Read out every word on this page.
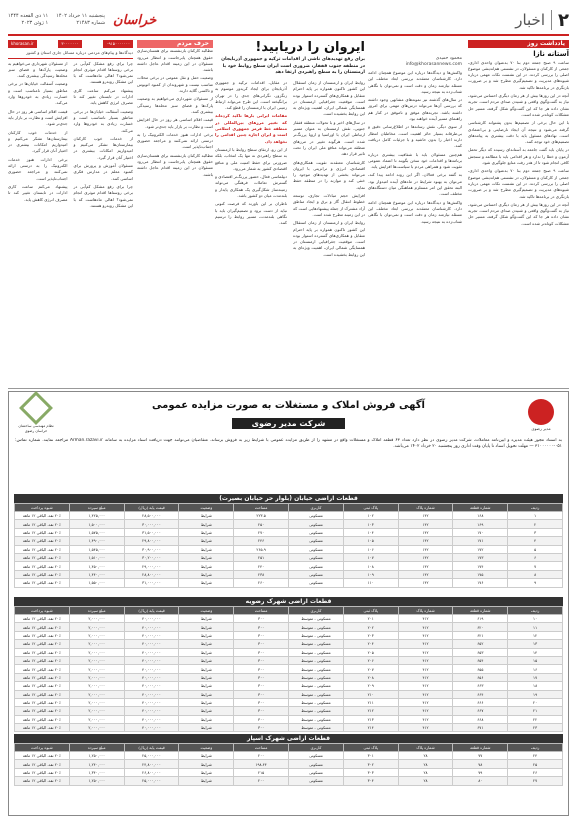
۲
اخبار
۱۱ ذی القعده ۱۴۴۴
۱ ژوئن ۲۰۲۳
پنجشنبه ۱۱ خرداد ۱۴۰۲
شماره ۲۱۴۸۳ خراسان
یادداشت روز
آستانه نازا

ساعت ۹ صبح جمعه دوم بنا ۷۰ به‌عنوان واحدی اداری، جمعی از کارکنان و مسئولان، در نشستی هم‌اندیشی موضوع اصلی را بررسی کردند. در این نشست نکات مهمی درباره شیوه‌های مدیریت و تصمیم‌گیری مطرح شد و بر ضرورت بازنگری در برنامه‌ها تاکید شد.

آنچه در این روزها بیش از هر زمان دیگری احساس می‌شود، نیاز به گفت‌وگوی واقعی و شنیدن صدای مردم است. تجربه نشان داده هر جا که این گفت‌وگو شکل گرفته، مسیر حل مشکلات کوتاه‌تر شده است.

با این حال برخی از تصمیم‌ها بدون پشتوانه کارشناسی گرفته می‌شود و نتیجه آن ایجاد نارضایتی و بی‌اعتمادی است. نهادهای مسئول باید با دقت بیشتری به پیامدهای تصمیم‌های خود توجه کنند.

در پایان باید گفت جامعه به آستانه‌ای رسیده که دیگر تحمل آزمون و خطا را ندارد و هر اقدامی باید با مطالعه و سنجش کافی انجام شود تا از هدر رفت منابع جلوگیری شود.

ساعت ۹ صبح جمعه دوم بنا ۷۰ به‌عنوان واحدی اداری، جمعی از کارکنان و مسئولان، در نشستی هم‌اندیشی موضوع اصلی را بررسی کردند. در این نشست نکات مهمی درباره شیوه‌های مدیریت و تصمیم‌گیری مطرح شد و بر ضرورت بازنگری در برنامه‌ها تاکید شد.

آنچه در این روزها بیش از هر زمان دیگری احساس می‌شود، نیاز به گفت‌وگوی واقعی و شنیدن صدای مردم است. تجربه نشان داده هر جا که این گفت‌وگو شکل گرفته، مسیر حل مشکلات کوتاه‌تر شده است.

محمود حمیدی
info@khorasannews.com

واکنش‌ها و دیدگاه‌ها درباره این موضوع همچنان ادامه دارد. کارشناسان معتقدند بررسی ابعاد مختلف این مسئله نیازمند زمان و دقت است و نمی‌توان با نگاهی شتاب‌زده به نتیجه رسید.

در سال‌های گذشته نیز نمونه‌های مشابهی وجود داشته که بررسی آن‌ها می‌تواند درس‌های مهمی برای امروز داشته باشد. تجربه‌های موفق و ناموفق در کنار هم راهنمای مسیر آینده خواهند بود.

از سوی دیگر، نقش رسانه‌ها در اطلاع‌رسانی دقیق و بی‌طرفانه بسیار حائز اهمیت است. مخاطبان انتظار دارند اخبار را بدون حاشیه و با جزئیات کامل دریافت کنند.

هم‌چنین مسئولان باید با شفافیت بیشتری درباره برنامه‌ها و اقدامات خود سخن بگویند تا اعتماد عمومی تقویت شود و همراهی مردم با سیاست‌ها افزایش یابد.

به گفته برخی فعالان، اگر این روند ادامه پیدا کند، می‌توان به بهبود شرایط در ماه‌های آینده امیدوار بود. البته تحقق این امر مستلزم هماهنگی میان دستگاه‌های مختلف است.

واکنش‌ها و دیدگاه‌ها درباره این موضوع همچنان ادامه دارد. کارشناسان معتقدند بررسی ابعاد مختلف این مسئله نیازمند زمان و دقت است و نمی‌توان با نگاهی شتاب‌زده به نتیجه رسید.

ایروان را دریابید!
برای رفع تهدیدهای ناشی از اقدامات ترکیه و جمهوری آذربایجان در منطقه جنوب قفقاز، ضروری است ایران سطح روابط خود با ارمنستان را به سطح راهبردی ارتقا دهد

روابط ایران و ارمنستان از زمان استقلال این کشور تاکنون همواره بر پایه احترام متقابل و همکاری‌های گسترده استوار بوده است. موقعیت جغرافیایی ارمنستان در همسایگی شمالی ایران، اهمیت ویژه‌ای به این روابط بخشیده است.

در سال‌های اخیر و با تحولات منطقه قفقاز جنوبی، نقش ارمنستان به عنوان مسیر ارتباطی ایران با اوراسیا و اروپا پررنگ‌تر شده است. هرگونه تغییر در مرزهای منطقه می‌تواند منافع ملی ایران را تحت تاثیر قرار دهد.

کارشناسان معتقدند تقویت همکاری‌های اقتصادی، انرژی و ترانزیتی با ایروان می‌تواند بخشی از تهدیدهای موجود را خنثی کند و موازنه را در منطقه حفظ نماید.

افزایش حجم مبادلات تجاری، توسعه خطوط انتقال گاز و برق و ایجاد مناطق آزاد مشترک از جمله پیشنهادهایی است که در این زمینه مطرح شده است.

روابط ایران و ارمنستان از زمان استقلال این کشور تاکنون همواره بر پایه احترام متقابل و همکاری‌های گسترده استوار بوده است. موقعیت جغرافیایی ارمنستان در همسایگی شمالی ایران، اهمیت ویژه‌ای به این روابط بخشیده است.

در مقابل، اقدامات ترکیه و جمهوری آذربایجان برای ایجاد کریدور موسوم به زنگزور، نگرانی‌های جدی را در تهران برانگیخته است. این طرح می‌تواند ارتباط زمینی ایران با ارمنستان را قطع کند.

مقامات ایرانی بارها تاکید کرده‌اند که تغییر مرزهای بین‌المللی در منطقه خط قرمز جمهوری اسلامی است و ایران اجازه چنین اقدامی را نخواهد داد.

از این رو، ارتقای سطح روابط با ارمنستان به سطح راهبردی نه تنها یک انتخاب، بلکه ضرورتی برای حفظ امنیت ملی و منافع اقتصادی کشور به شمار می‌رود.

دیپلماسی فعال، حضور پررنگ‌تر اقتصادی و گسترش تعاملات فرهنگی می‌تواند زمینه‌ساز شکل‌گیری یک همکاری پایدار و بلندمدت میان دو کشور باشد.

ناظران بر این باورند که فرصت کنونی نباید از دست برود و تصمیم‌گیران باید با نگاهی بلندمدت، مسیر روابط را ترسیم کنند.

حرف مردم

مطالبه کارکنان بازنشسته برای همسان‌سازی حقوق همچنان پابرجاست و انتظار می‌رود مسئولان در این زمینه اقدام عاجل داشته باشند.

وضعیت حمل و نقل عمومی در برخی محلات مناسب نیست و شهروندان از کمبود اتوبوس و تاکسی گلایه دارند.

از مسئولان شهرداری می‌خواهیم به وضعیت پارک‌ها و فضای سبز محله‌ها رسیدگی بیشتری کنند.

قیمت اقلام اساسی هر روز در حال افزایش است و نظارت بر بازار باید جدی‌تر شود.

برخی ادارات هنوز خدمات الکترونیک را به درستی ارائه نمی‌کنند و مراجعه حضوری اجتناب‌ناپذیر است.

مطالبه کارکنان بازنشسته برای همسان‌سازی حقوق همچنان پابرجاست و انتظار می‌رود مسئولان در این زمینه اقدام عاجل داشته باشند.

۰۹۱۵۰۰۰۰۰۰۰
۳۰۰۰۰۰۰۰
khorasan.ir
دیدگاه‌ها و پیام‌های مردمی درباره مسائل جاری استان و کشور

چرا برای رفع مشکل کم‌آبی در برخی روستاها اقدام موثری انجام نمی‌شود؟ اهالی ماه‌هاست که با این مشکل روبه‌رو هستند.

پیشنهاد می‌کنم ساعت کاری ادارات در تابستان تغییر کند تا مصرف انرژی کاهش یابد.

وضعیت آسفالت خیابان‌ها در برخی مناطق بسیار نامناسب است و خسارت زیادی به خودروها وارد می‌کند.

از خدمات خوب کارکنان بیمارستان‌ها تشکر می‌کنیم و امیدواریم امکانات بیشتری در اختیار آنان قرار گیرد.

مسئولان آموزش و پرورش برای کمبود معلم در مدارس فکری اساسی کنند.

چرا برای رفع مشکل کم‌آبی در برخی روستاها اقدام موثری انجام نمی‌شود؟ اهالی ماه‌هاست که با این مشکل روبه‌رو هستند.

از مسئولان شهرداری می‌خواهیم به وضعیت پارک‌ها و فضای سبز محله‌ها رسیدگی بیشتری کنند.

وضعیت آسفالت خیابان‌ها در برخی مناطق بسیار نامناسب است و خسارت زیادی به خودروها وارد می‌کند.

قیمت اقلام اساسی هر روز در حال افزایش است و نظارت بر بازار باید جدی‌تر شود.

از خدمات خوب کارکنان بیمارستان‌ها تشکر می‌کنیم و امیدواریم امکانات بیشتری در اختیار آنان قرار گیرد.

برخی ادارات هنوز خدمات الکترونیک را به درستی ارائه نمی‌کنند و مراجعه حضوری اجتناب‌ناپذیر است.

پیشنهاد می‌کنم ساعت کاری ادارات در تابستان تغییر کند تا مصرف انرژی کاهش یابد.

مدیر رضوی
آگهی فروش املاک و مستغلات به صورت مزایده عمومی
شرکت مدیر رضوی
نظام مهندسی ساختمان خراسان رضوی
به استناد مجوز هیئت مدیره و آیین‌نامه معاملات، شرکت مدیر رضوی در نظر دارد تعداد ۶۳ قطعه املاک و مستغلات واقع در مشهد را از طریق مزایده عمومی با شرایط زیر به فروش برساند. متقاضیان می‌توانند جهت دریافت اسناد مزایده به سامانه Arman.razavi.ir مراجعه نمایند. شماره تماس: ۰۵۱-۳۱۰۰۰۰۰۰ — مهلت تحویل اسناد تا پایان وقت اداری روز پنجشنبه ۲۰ خرداد ۱۴۰۲ می‌باشد.
قطعات اراضی خیابان (بلوار حر خیابان بصیرت)
ردیف	شماره قطعه	شماره پلاک	پلاک ثبتی	کاربری	مساحت	وضعیت	قیمت پایه (ریال)	مبلغ سپرده	شیوه پرداخت
۱	۱۶۸	۱۴۲	۱۰۲	مسکونی	۲۲۳.۵	شرایط	۲۸,۵۰۰,۰۰۰	۱,۴۲۵,۰۰۰	۲۰٪ نقد، الباقی ۱۲ ماهه
۲	۱۶۹	۱۴۲	۱۰۳	مسکونی	۲۵۰	شرایط	۳۰,۰۰۰,۰۰۰	۱,۵۰۰,۰۰۰	۲۰٪ نقد، الباقی ۱۲ ماهه
۳	۱۷۰	۱۴۲	۱۰۴	مسکونی	۲۷۰	شرایط	۳۱,۵۰۰,۰۰۰	۱,۵۷۵,۰۰۰	۲۰٪ نقد، الباقی ۱۲ ماهه
۴	۱۷۱	۱۴۲	۱۰۵	مسکونی	۲۴۶	شرایط	۲۹,۸۰۰,۰۰۰	۱,۴۹۰,۰۰۰	۲۰٪ نقد، الباقی ۱۲ ماهه
۵	۱۷۲	۱۴۲	۱۰۶	مسکونی	۲۶۵.۹	شرایط	۳۰,۹۰۰,۰۰۰	۱,۵۴۵,۰۰۰	۲۰٪ نقد، الباقی ۱۲ ماهه
۶	۱۷۳	۱۴۲	۱۰۷	مسکونی	۲۵۱	شرایط	۳۰,۲۰۰,۰۰۰	۱,۵۱۰,۰۰۰	۲۰٪ نقد، الباقی ۱۲ ماهه
۷	۱۷۴	۱۴۲	۱۰۸	مسکونی	۲۴۰	شرایط	۲۹,۰۰۰,۰۰۰	۱,۴۵۰,۰۰۰	۲۰٪ نقد، الباقی ۱۲ ماهه
۸	۱۷۵	۱۴۲	۱۰۹	مسکونی	۲۳۸	شرایط	۲۸,۸۰۰,۰۰۰	۱,۴۴۰,۰۰۰	۲۰٪ نقد، الباقی ۱۲ ماهه
۹	۱۷۶	۱۴۲	۱۱۰	مسکونی	۲۶۰	شرایط	۳۱,۰۰۰,۰۰۰	۱,۵۵۰,۰۰۰	۲۰٪ نقد، الباقی ۱۲ ماهه
قطعات اراضی شهرک رضویه
ردیف	شماره قطعه	شماره پلاک	پلاک ثبتی	کاربری	مساحت	وضعیت	قیمت پایه (ریال)	مبلغ سپرده	شیوه پرداخت
۱۰	۶۱۹	۴۱۲	۲۰۱	مسکونی - متوسط	۳۰۰	شرایط	۴۰,۰۰۰,۰۰۰	۲,۰۰۰,۰۰۰	۲۰٪ نقد، الباقی ۱۲ ماهه
۱۱	۶۲۰	۴۱۲	۲۰۲	مسکونی - متوسط	۳۰۰	شرایط	۴۰,۰۰۰,۰۰۰	۲,۰۰۰,۰۰۰	۲۰٪ نقد، الباقی ۱۲ ماهه
۱۲	۶۲۱	۴۱۲	۲۰۳	مسکونی - متوسط	۳۰۰	شرایط	۴۰,۰۰۰,۰۰۰	۲,۰۰۰,۰۰۰	۲۰٪ نقد، الباقی ۱۲ ماهه
۱۳	۶۵۲	۴۱۲	۲۰۴	مسکونی - متوسط	۳۰۰	شرایط	۴۰,۰۰۰,۰۰۰	۲,۰۰۰,۰۰۰	۲۰٪ نقد، الباقی ۱۲ ماهه
۱۴	۶۵۳	۴۱۲	۲۰۵	مسکونی - متوسط	۳۰۰	شرایط	۴۰,۰۰۰,۰۰۰	۲,۰۰۰,۰۰۰	۲۰٪ نقد، الباقی ۱۲ ماهه
۱۵	۶۵۴	۴۱۲	۲۰۶	مسکونی - متوسط	۳۰۰	شرایط	۴۰,۰۰۰,۰۰۰	۲,۰۰۰,۰۰۰	۲۰٪ نقد، الباقی ۱۲ ماهه
۱۶	۶۵۵	۴۱۲	۲۰۷	مسکونی - متوسط	۳۰۰	شرایط	۴۰,۰۰۰,۰۰۰	۲,۰۰۰,۰۰۰	۲۰٪ نقد، الباقی ۱۲ ماهه
۱۷	۶۵۶	۴۱۲	۲۰۸	مسکونی - متوسط	۳۰۰	شرایط	۴۰,۰۰۰,۰۰۰	۲,۰۰۰,۰۰۰	۲۰٪ نقد، الباقی ۱۲ ماهه
۱۸	۶۶۳	۴۱۲	۲۰۹	مسکونی - متوسط	۳۰۰	شرایط	۴۰,۰۰۰,۰۰۰	۲,۰۰۰,۰۰۰	۲۰٪ نقد، الباقی ۱۲ ماهه
۱۹	۶۶۴	۴۱۲	۲۱۰	مسکونی - متوسط	۳۰۰	شرایط	۴۰,۰۰۰,۰۰۰	۲,۰۰۰,۰۰۰	۲۰٪ نقد، الباقی ۱۲ ماهه
۲۰	۶۶۶	۴۱۲	۲۱۱	مسکونی - متوسط	۳۰۰	شرایط	۴۰,۰۰۰,۰۰۰	۲,۰۰۰,۰۰۰	۲۰٪ نقد، الباقی ۱۲ ماهه
۲۱	۶۶۷	۴۱۲	۲۱۲	مسکونی - متوسط	۳۰۰	شرایط	۴۰,۰۰۰,۰۰۰	۲,۰۰۰,۰۰۰	۲۰٪ نقد، الباقی ۱۲ ماهه
۲۲	۶۶۸	۴۱۲	۲۱۳	مسکونی - متوسط	۳۰۰	شرایط	۴۰,۰۰۰,۰۰۰	۲,۰۰۰,۰۰۰	۲۰٪ نقد، الباقی ۱۲ ماهه
۲۳	۶۷۱	۴۱۲	۲۱۴	مسکونی - متوسط	۳۰۰	شرایط	۴۰,۰۰۰,۰۰۰	۲,۰۰۰,۰۰۰	۲۰٪ نقد، الباقی ۱۲ ماهه
قطعات اراضی شهرک اسپار
ردیف	شماره قطعه	شماره پلاک	پلاک ثبتی	کاربری	مساحت	وضعیت	قیمت پایه (ریال)	مبلغ سپرده	شیوه پرداخت
۲۴	۷۷	۲۸	۳۰۱	مسکونی	۲۰۰	شرایط	۲۵,۰۰۰,۰۰۰	۱,۲۵۰,۰۰۰	۲۰٪ نقد، الباقی ۱۲ ماهه
۲۵	۷۸	۲۸	۳۰۲	مسکونی	۱۹۸.۴۴	شرایط	۲۴,۸۰۰,۰۰۰	۱,۲۴۰,۰۰۰	۲۰٪ نقد، الباقی ۱۲ ماهه
۲۶	۷۹	۲۸	۳۰۳	مسکونی	۲۱۵	شرایط	۲۶,۸۰۰,۰۰۰	۱,۳۴۰,۰۰۰	۲۰٪ نقد، الباقی ۱۲ ماهه
۲۷	۸۰	۲۸	۳۰۴	مسکونی	۲۰۰	شرایط	۲۵,۰۰۰,۰۰۰	۱,۲۵۰,۰۰۰	۲۰٪ نقد، الباقی ۱۲ ماهه
